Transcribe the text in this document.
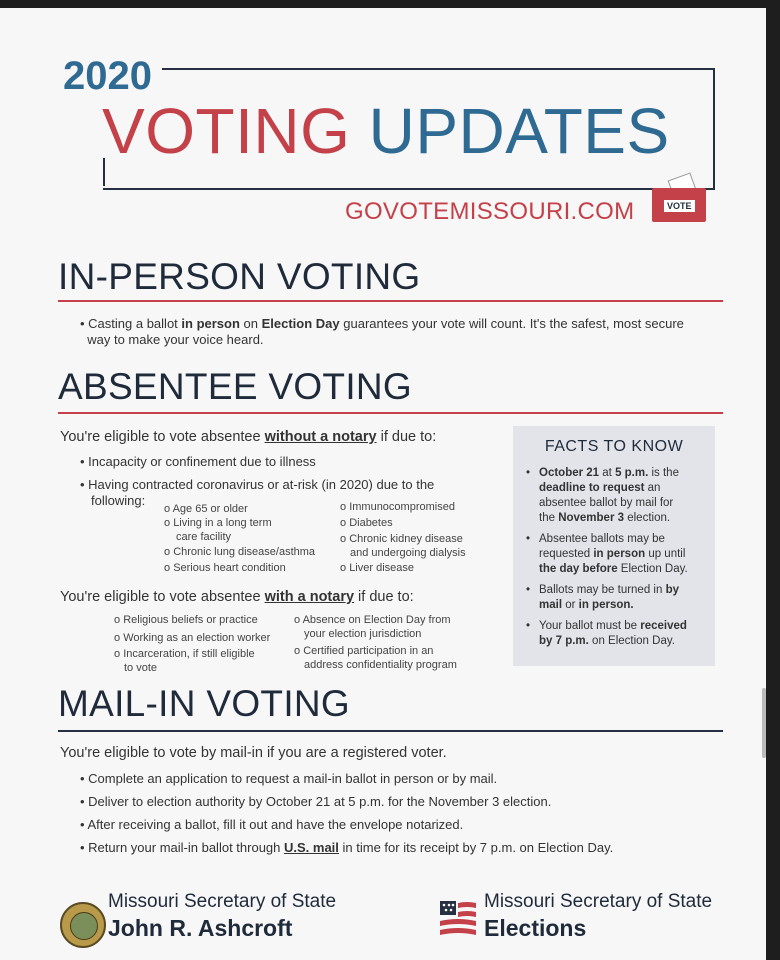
2020
VOTING UPDATES
GOVOTEMISSOURI.COM	VOTE
IN-PERSON VOTING
• Casting a ballot in person on Election Day guarantees your vote will count. It's the safest, most secure
way to make your voice heard.
ABSENTEE VOTING
You're eligible to vote absentee without a notary if due to:
• Incapacity or confinement due to illness
• Having contracted coronavirus or at-risk (in 2020) due to the
following:
o Age 65 or older
o Living in a long term
care facility
o Chronic lung disease/asthma
o Serious heart condition
o Immunocompromised
o Diabetes
o Chronic kidney disease
and undergoing dialysis
o Liver disease
You're eligible to vote absentee with a notary if due to:
o Religious beliefs or practice
o Working as an election worker
o Incarceration, if still eligible
to vote
o Absence on Election Day from
your election jurisdiction
o Certified participation in an
address confidentiality program
FACTS TO KNOW
• October 21 at 5 p.m. is the
deadline to request an
absentee ballot by mail for
the November 3 election.
• Absentee ballots may be
requested in person up until
the day before Election Day.
• Ballots may be turned in by
mail or in person.
• Your ballot must be received
by 7 p.m. on Election Day.
MAIL-IN VOTING
You're eligible to vote by mail-in if you are a registered voter.
• Complete an application to request a mail-in ballot in person or by mail.
• Deliver to election authority by October 21 at 5 p.m. for the November 3 election.
• After receiving a ballot, fill it out and have the envelope notarized.
• Return your mail-in ballot through U.S. mail in time for its receipt by 7 p.m. on Election Day.
Missouri Secretary of State
John R. Ashcroft
Missouri Secretary of State
Elections
